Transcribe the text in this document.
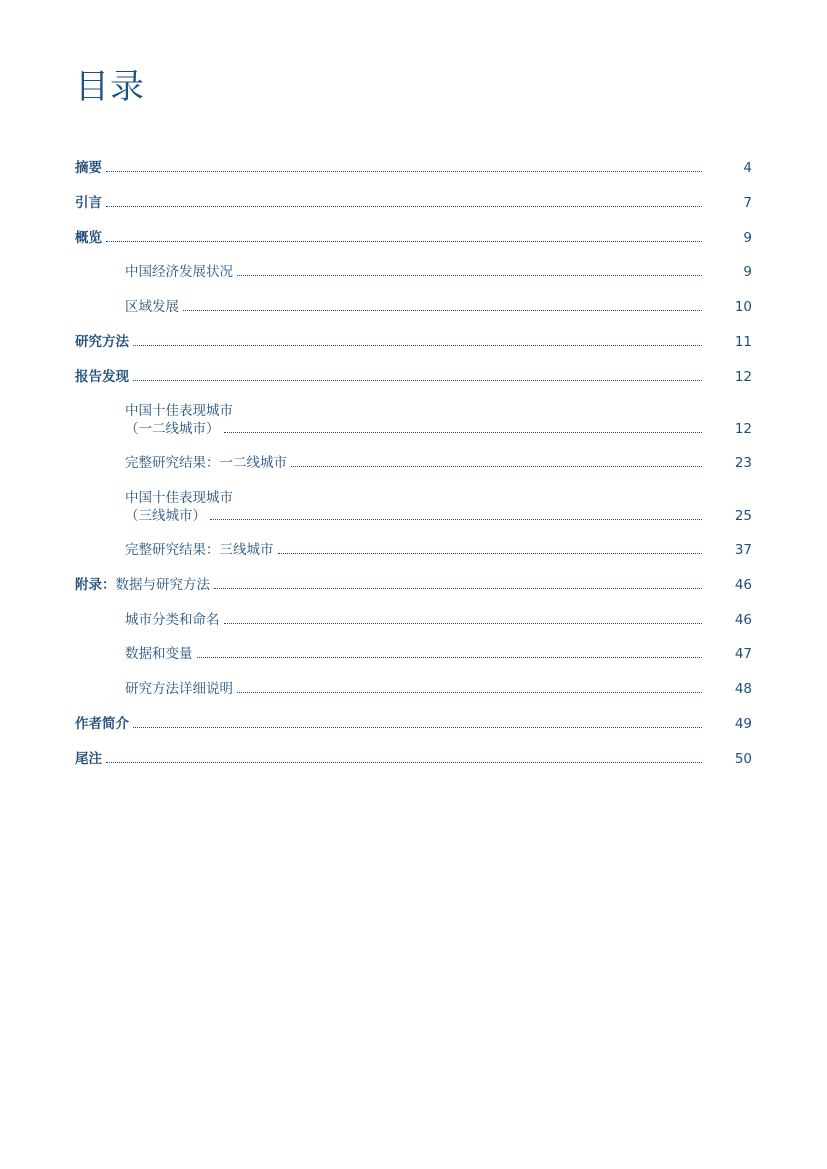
目录
摘要	4
引言	7
概览	9
中国经济发展状况	9
区域发展	10
研究方法	11
报告发现	12
中国十佳表现城市
（一二线城市）	12
完整研究结果：一二线城市	23
中国十佳表现城市
（三线城市）	25
完整研究结果：三线城市	37
附录：数据与研究方法	46
城市分类和命名	46
数据和变量	47
研究方法详细说明	48
作者简介	49
尾注	50
